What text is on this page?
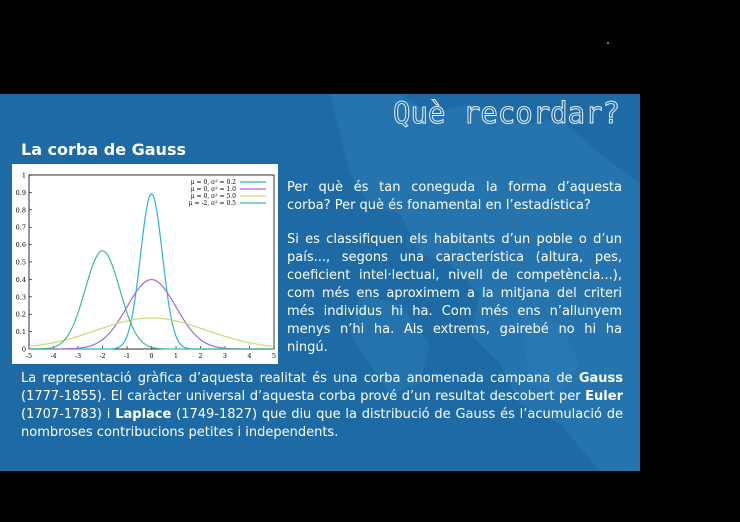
Què recordar?
La corba de Gauss
0
0.1
0.2
0.3
0.4
0.5
0.6
0.7
0.8
0.9
1
-5	-4	-3	-2	-1	0	1	2	3	4	5
μ = 0, σ² = 0.2
μ = 0, σ² = 1.0
μ = 0, σ² = 5.0
μ = -2, σ² = 0.5
Per què és tan coneguda la forma d’aquesta corba? Per què és fonamental en l’estadística?
Si es classifiquen els habitants d’un poble o d’un país..., segons una característica (altura, pes, coeficient intel·lectual, nivell de competència...), com més ens aproximem a la mitjana del criteri més individus hi ha. Com més ens n’allunyem menys n’hi ha. Als extrems, gairebé no hi ha ningú.
La representació gràfica d’aquesta realitat és una corba anomenada campana de Gauss (1777-1855). El caràcter universal d’aquesta corba prové d’un resultat descobert per Euler (1707-1783) i Laplace (1749-1827) que diu que la distribució de Gauss és l’acumulació de nombroses contribucions petites i independents.
